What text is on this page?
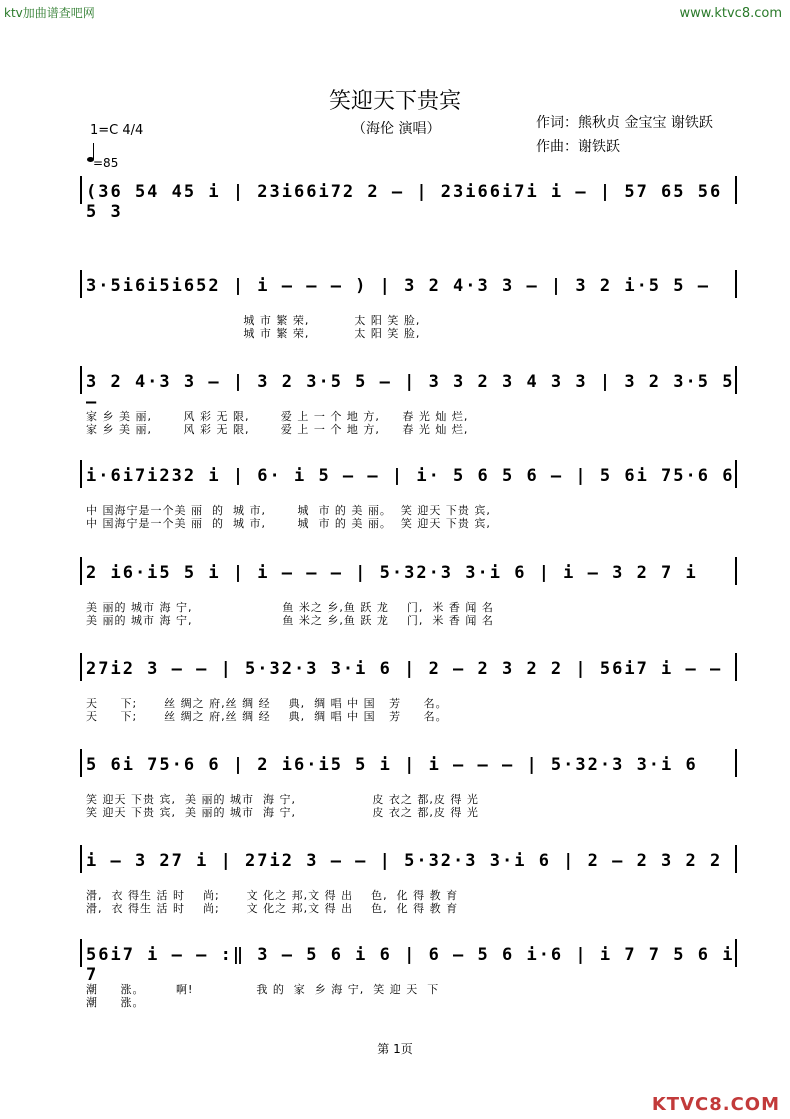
ktv加曲谱查吧网	www.ktvc8.com
KTVC8.COM
笑迎天下贵宾
（海伦 演唱）	作词：熊秋贞 金宝宝 谢铁跃
作曲：谢铁跃
1=C 4/4
=85
(36 54 45 i | 23i66i72 2 — | 23i66i7i i — | 57 65 56 5 3
3·5i6i5i652 | i — — — ) | 3 2 4·3 3 — | 3 2 i·5 5 —
城 市 繁 荣,          太 阳 笑 脸,
城 市 繁 荣,          太 阳 笑 脸,
3 2 4·3 3 — | 3 2 3·5 5 — | 3 3 2 3 4 3 3 | 3 2 3·5 5 —
家 乡 美 丽,       风 彩 无 限,       爱 上 一 个 地 方,     春 光 灿 烂,
家 乡 美 丽,       风 彩 无 限,       爱 上 一 个 地 方,     春 光 灿 烂,
i·6i7i232 i | 6· i 5 — — | i· 5 6 5 6 — | 5 6i 75·6 6
中 国海宁是一个美 丽  的  城 市,       城  市 的 美 丽。  笑 迎天 下贵 宾,
中 国海宁是一个美 丽  的  城 市,       城  市 的 美 丽。  笑 迎天 下贵 宾,
2 i6·i5 5 i | i — — — | 5·32·3 3·i 6 | i — 3 2 7 i
美 丽的 城市 海 宁,                    鱼 米之 乡,鱼 跃 龙    门,  米 香 闻 名
美 丽的 城市 海 宁,                    鱼 米之 乡,鱼 跃 龙    门,  米 香 闻 名
27i2 3 — — | 5·32·3 3·i 6 | 2 — 2 3 2 2 | 56i7 i — —
天     下;      丝 绸之 府,丝 绸 经    典,  绸 唱 中 国   芳     名。
天     下;      丝 绸之 府,丝 绸 经    典,  绸 唱 中 国   芳     名。
5 6i 75·6 6 | 2 i6·i5 5 i | i — — — | 5·32·3 3·i 6
笑 迎天 下贵 宾,  美 丽的 城市  海 宁,                 皮 衣之 都,皮 得 光
笑 迎天 下贵 宾,  美 丽的 城市  海 宁,                 皮 衣之 都,皮 得 光
i — 3 27 i | 27i2 3 — — | 5·32·3 3·i 6 | 2 — 2 3 2 2
滑,  衣 得生 活 时    尚;      文 化之 邦,文 得 出    色,  化 得 教 育
滑,  衣 得生 活 时    尚;      文 化之 邦,文 得 出    色,  化 得 教 育
56i7 i — — :‖ 3 — 5 6 i 6 | 6 — 5 6 i·6 | i 7 7 5 6 i 7
潮     涨。       啊!              我 的  家  乡 海 宁,  笑 迎 天  下
潮     涨。
第 1页
